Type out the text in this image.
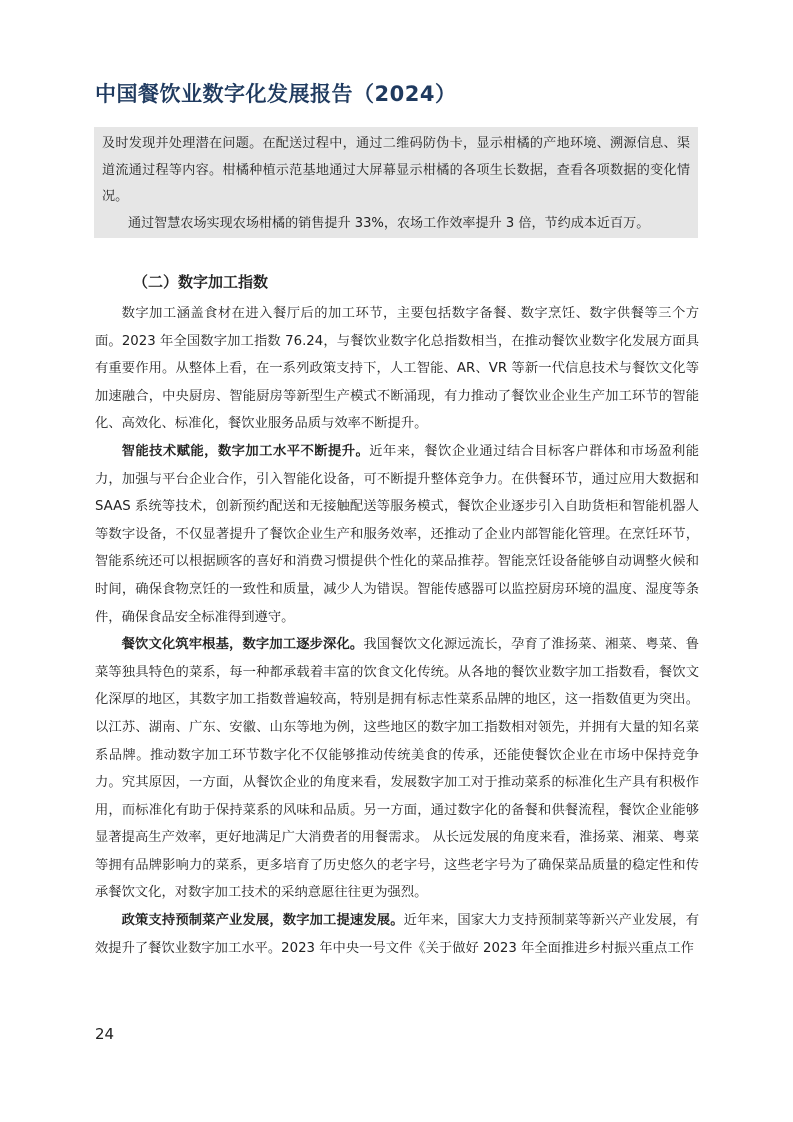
中国餐饮业数字化发展报告（2024）

及时发现并处理潜在问题。在配送过程中，通过二维码防伪卡，显示柑橘的产地环境、溯源信息、渠道流通过程等内容。柑橘种植示范基地通过大屏幕显示柑橘的各项生长数据，查看各项数据的变化情况。

通过智慧农场实现农场柑橘的销售提升 33%，农场工作效率提升 3 倍，节约成本近百万。

（二）数字加工指数

数字加工涵盖食材在进入餐厅后的加工环节，主要包括数字备餐、数字烹饪、数字供餐等三个方面。2023 年全国数字加工指数 76.24，与餐饮业数字化总指数相当，在推动餐饮业数字化发展方面具有重要作用。从整体上看，在一系列政策支持下，人工智能、AR、VR 等新一代信息技术与餐饮文化等加速融合，中央厨房、智能厨房等新型生产模式不断涌现，有力推动了餐饮业企业生产加工环节的智能化、高效化、标准化，餐饮业服务品质与效率不断提升。

智能技术赋能，数字加工水平不断提升。近年来，餐饮企业通过结合目标客户群体和市场盈利能力，加强与平台企业合作，引入智能化设备，可不断提升整体竞争力。在供餐环节，通过应用大数据和 SAAS 系统等技术，创新预约配送和无接触配送等服务模式，餐饮企业逐步引入自助货柜和智能机器人等数字设备，不仅显著提升了餐饮企业生产和服务效率，还推动了企业内部智能化管理。在烹饪环节，智能系统还可以根据顾客的喜好和消费习惯提供个性化的菜品推荐。智能烹饪设备能够自动调整火候和时间，确保食物烹饪的一致性和质量，减少人为错误。智能传感器可以监控厨房环境的温度、湿度等条件，确保食品安全标准得到遵守。

餐饮文化筑牢根基，数字加工逐步深化。我国餐饮文化源远流长，孕育了淮扬菜、湘菜、粤菜、鲁菜等独具特色的菜系，每一种都承载着丰富的饮食文化传统。从各地的餐饮业数字加工指数看，餐饮文化深厚的地区，其数字加工指数普遍较高，特别是拥有标志性菜系品牌的地区，这一指数值更为突出。以江苏、湖南、广东、安徽、山东等地为例，这些地区的数字加工指数相对领先，并拥有大量的知名菜系品牌。推动数字加工环节数字化不仅能够推动传统美食的传承，还能使餐饮企业在市场中保持竞争力。究其原因，一方面，从餐饮企业的角度来看，发展数字加工对于推动菜系的标准化生产具有积极作用，而标准化有助于保持菜系的风味和品质。另一方面，通过数字化的备餐和供餐流程，餐饮企业能够显著提高生产效率，更好地满足广大消费者的用餐需求。 从长远发展的角度来看，淮扬菜、湘菜、粤菜等拥有品牌影响力的菜系，更多培育了历史悠久的老字号，这些老字号为了确保菜品质量的稳定性和传承餐饮文化，对数字加工技术的采纳意愿往往更为强烈。

政策支持预制菜产业发展，数字加工提速发展。近年来，国家大力支持预制菜等新兴产业发展，有效提升了餐饮业数字加工水平。2023 年中央一号文件《关于做好 2023 年全面推进乡村振兴重点工作

24
